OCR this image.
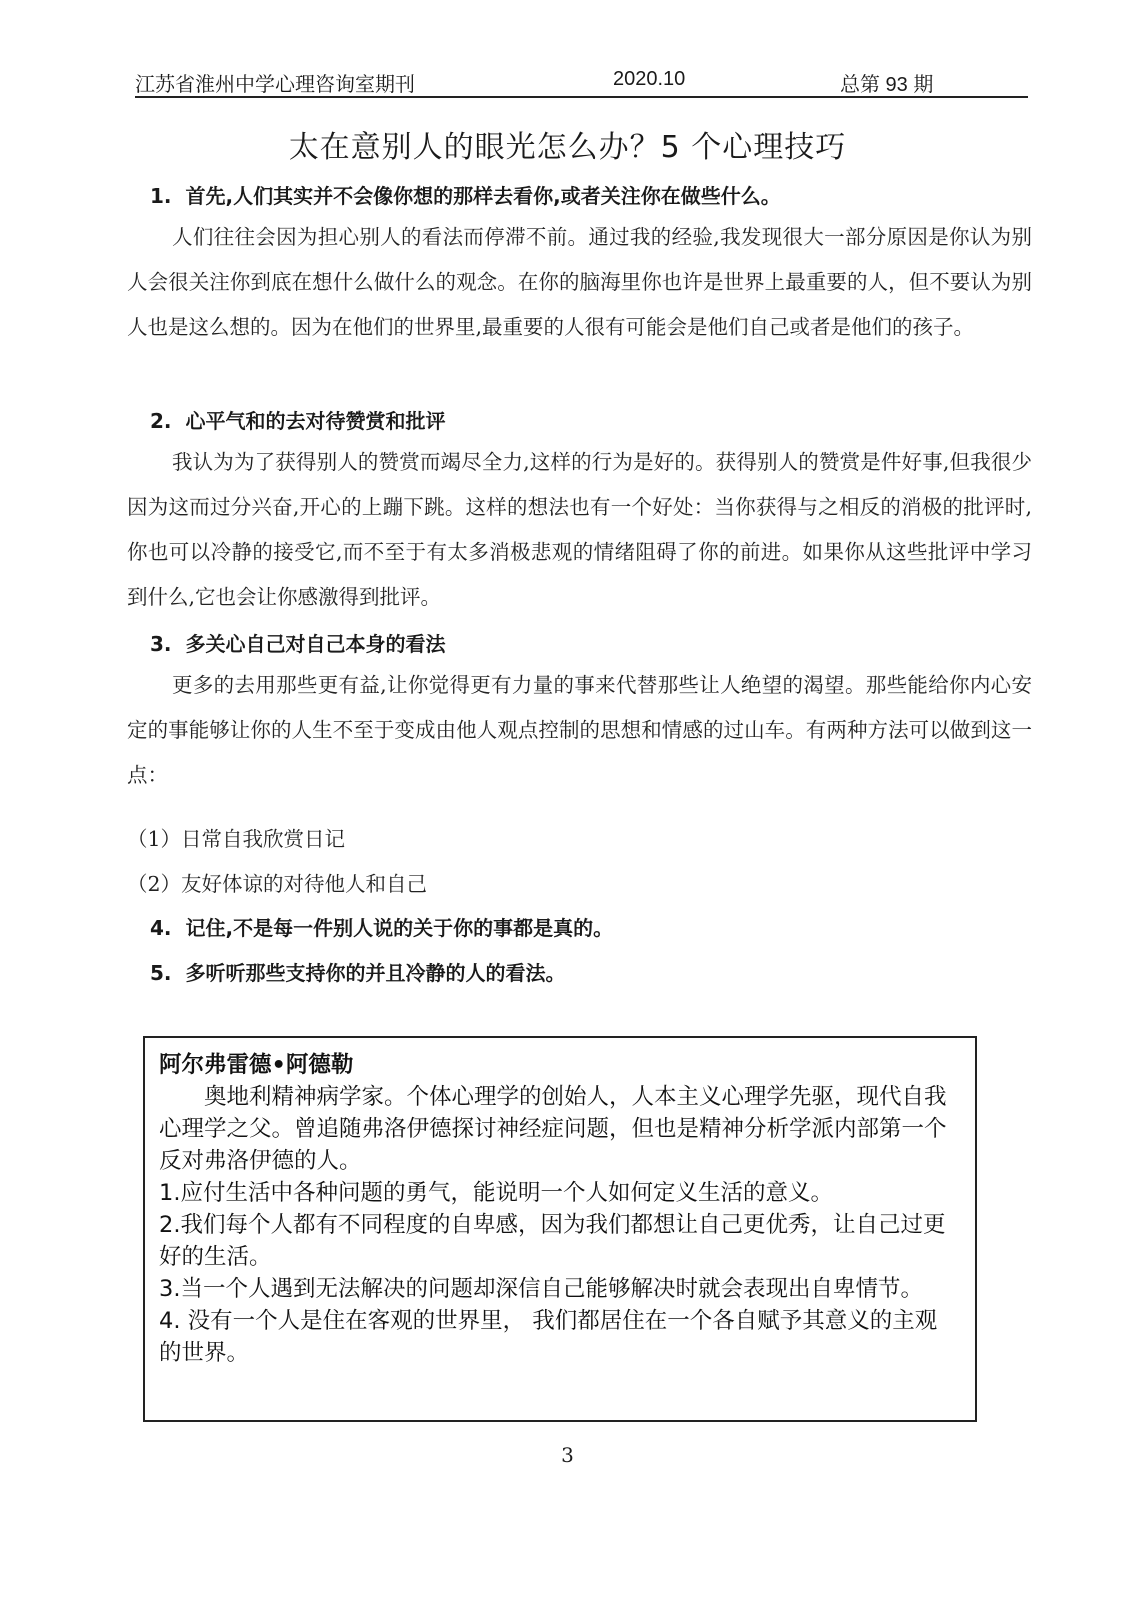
江苏省淮州中学心理咨询室期刊	2020.10	总第 93 期
太在意别人的眼光怎么办？5 个心理技巧
1. 首先,人们其实并不会像你想的那样去看你,或者关注你在做些什么。
人们往往会因为担心别人的看法而停滞不前。通过我的经验,我发现很大一部分原因是你认为别人会很关注你到底在想什么做什么的观念。在你的脑海里你也许是世界上最重要的人，但不要认为别人也是这么想的。因为在他们的世界里,最重要的人很有可能会是他们自己或者是他们的孩子。
2. 心平气和的去对待赞赏和批评
我认为为了获得别人的赞赏而竭尽全力,这样的行为是好的。获得别人的赞赏是件好事,但我很少因为这而过分兴奋,开心的上蹦下跳。这样的想法也有一个好处：当你获得与之相反的消极的批评时,你也可以冷静的接受它,而不至于有太多消极悲观的情绪阻碍了你的前进。如果你从这些批评中学习到什么,它也会让你感激得到批评。
3. 多关心自己对自己本身的看法
更多的去用那些更有益,让你觉得更有力量的事来代替那些让人绝望的渴望。那些能给你内心安定的事能够让你的人生不至于变成由他人观点控制的思想和情感的过山车。有两种方法可以做到这一点：
（1）日常自我欣赏日记
（2）友好体谅的对待他人和自己
4. 记住,不是每一件别人说的关于你的事都是真的。
5. 多听听那些支持你的并且冷静的人的看法。

阿尔弗雷德•阿德勒

奥地利精神病学家。个体心理学的创始人，人本主义心理学先驱，现代自我心理学之父。曾追随弗洛伊德探讨神经症问题，但也是精神分析学派内部第一个反对弗洛伊德的人。

1.应付生活中各种问题的勇气，能说明一个人如何定义生活的意义。

2.我们每个人都有不同程度的自卑感，因为我们都想让自己更优秀，让自己过更好的生活。

3.当一个人遇到无法解决的问题却深信自己能够解决时就会表现出自卑情节。

4. 没有一个人是住在客观的世界里， 我们都居住在一个各自赋予其意义的主观的世界。

3
